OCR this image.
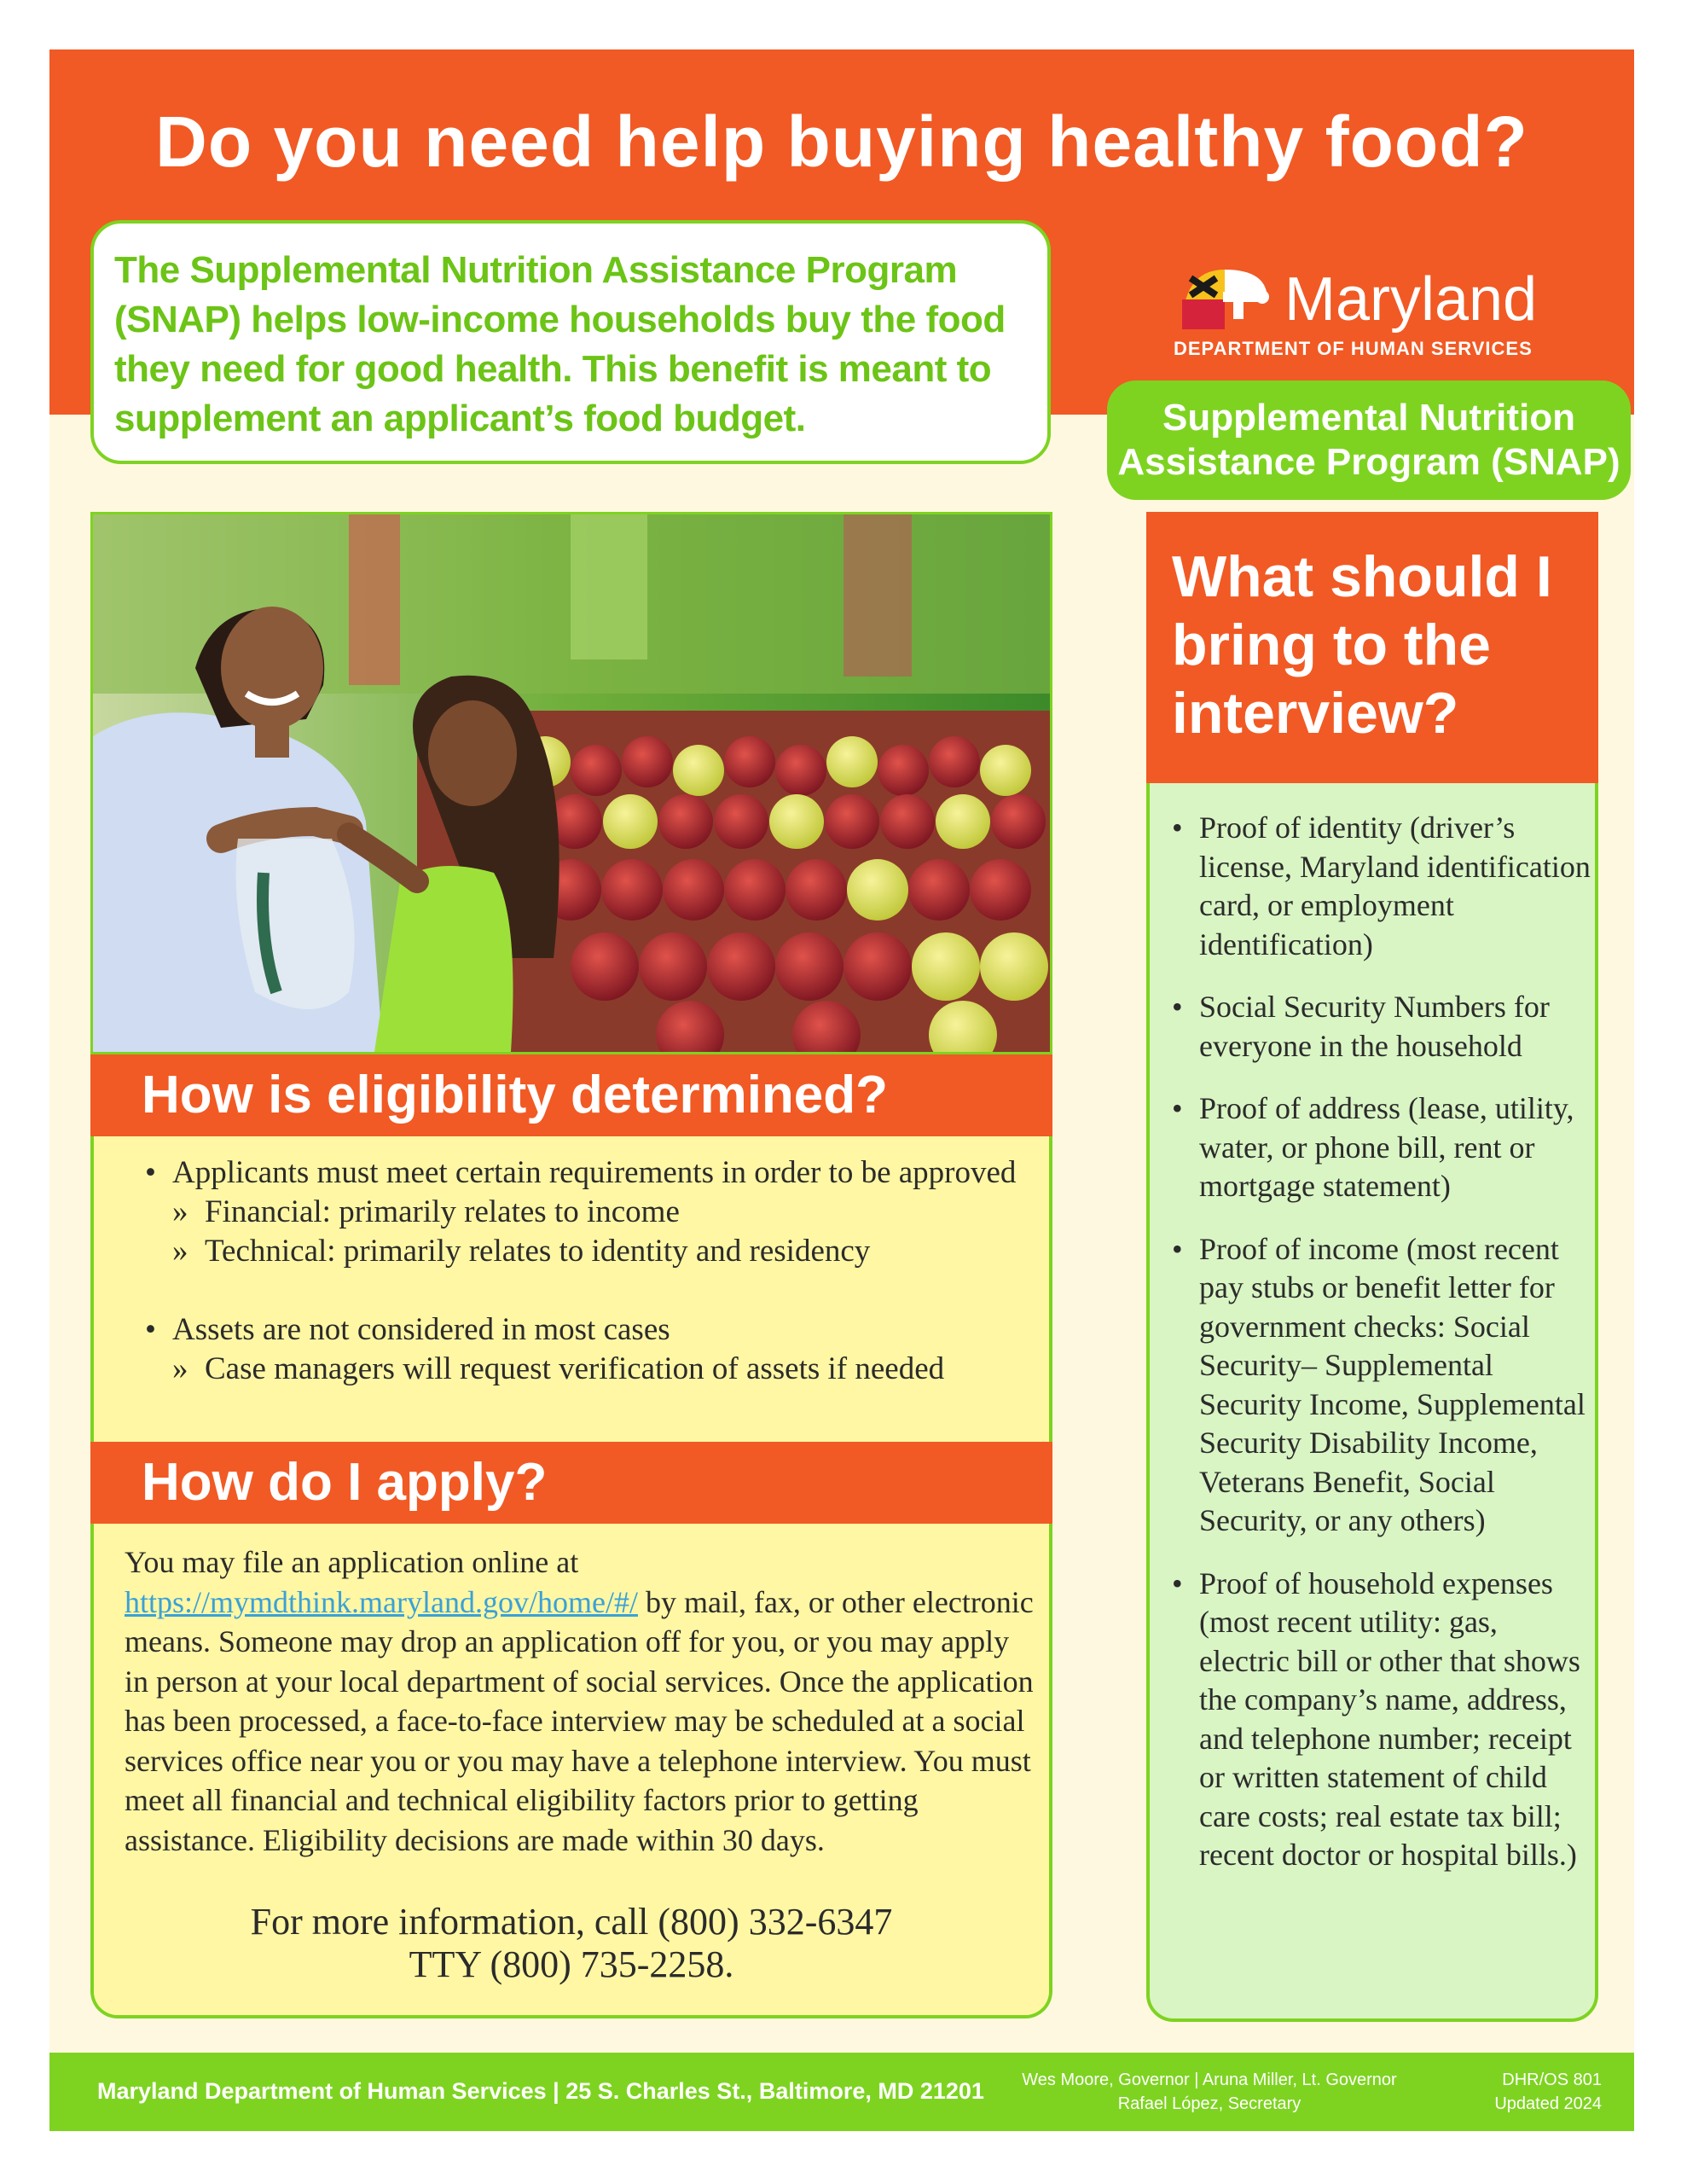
Do you need help buying healthy food?

The Supplemental Nutrition Assistance Program (SNAP) helps low-income households buy the food they need for good health. This benefit is meant to supplement an applicant’s food budget.

Maryland
DEPARTMENT OF HUMAN SERVICES
Supplemental Nutrition
Assistance Program (SNAP)
How is eligibility determined?
• Applicants must meet certain requirements in order to be approved
» Financial: primarily relates to income
» Technical: primarily relates to identity and residency
• Assets are not considered in most cases
» Case managers will request verification of assets if needed
How do I apply?
You may file an application online at https://mymdthink.maryland.gov/home/#/ by mail, fax, or other electronic means. Someone may drop an application off for you, or you may apply in person at your local department of social services. Once the application has been processed, a face-to-face interview may be scheduled at a social services office near you or you may have a telephone interview. You must meet all financial and technical eligibility factors prior to getting assistance. Eligibility decisions are made within 30 days.
For more information, call (800) 332-6347
TTY (800) 735-2258.
What should I bring to the interview?
• Proof of identity (driver’s license, Maryland identification card, or employment identification)
• Social Security Numbers for everyone in the household
• Proof of address (lease, utility, water, or phone bill, rent or mortgage statement)
• Proof of income (most recent pay stubs or benefit letter for government checks: Social Security– Supplemental Security Income, Supplemental Security Disability Income, Veterans Benefit, Social Security, or any others)
• Proof of household expenses (most recent utility: gas, electric bill or other that shows the company’s name, address, and telephone number; receipt or written statement of child care costs; real estate tax bill; recent doctor or hospital bills.)
Maryland Department of Human Services | 25 S. Charles St., Baltimore, MD 21201	Wes Moore, Governor | Aruna Miller, Lt. Governor
Rafael López, Secretary
DHR/OS 801
Updated 2024
